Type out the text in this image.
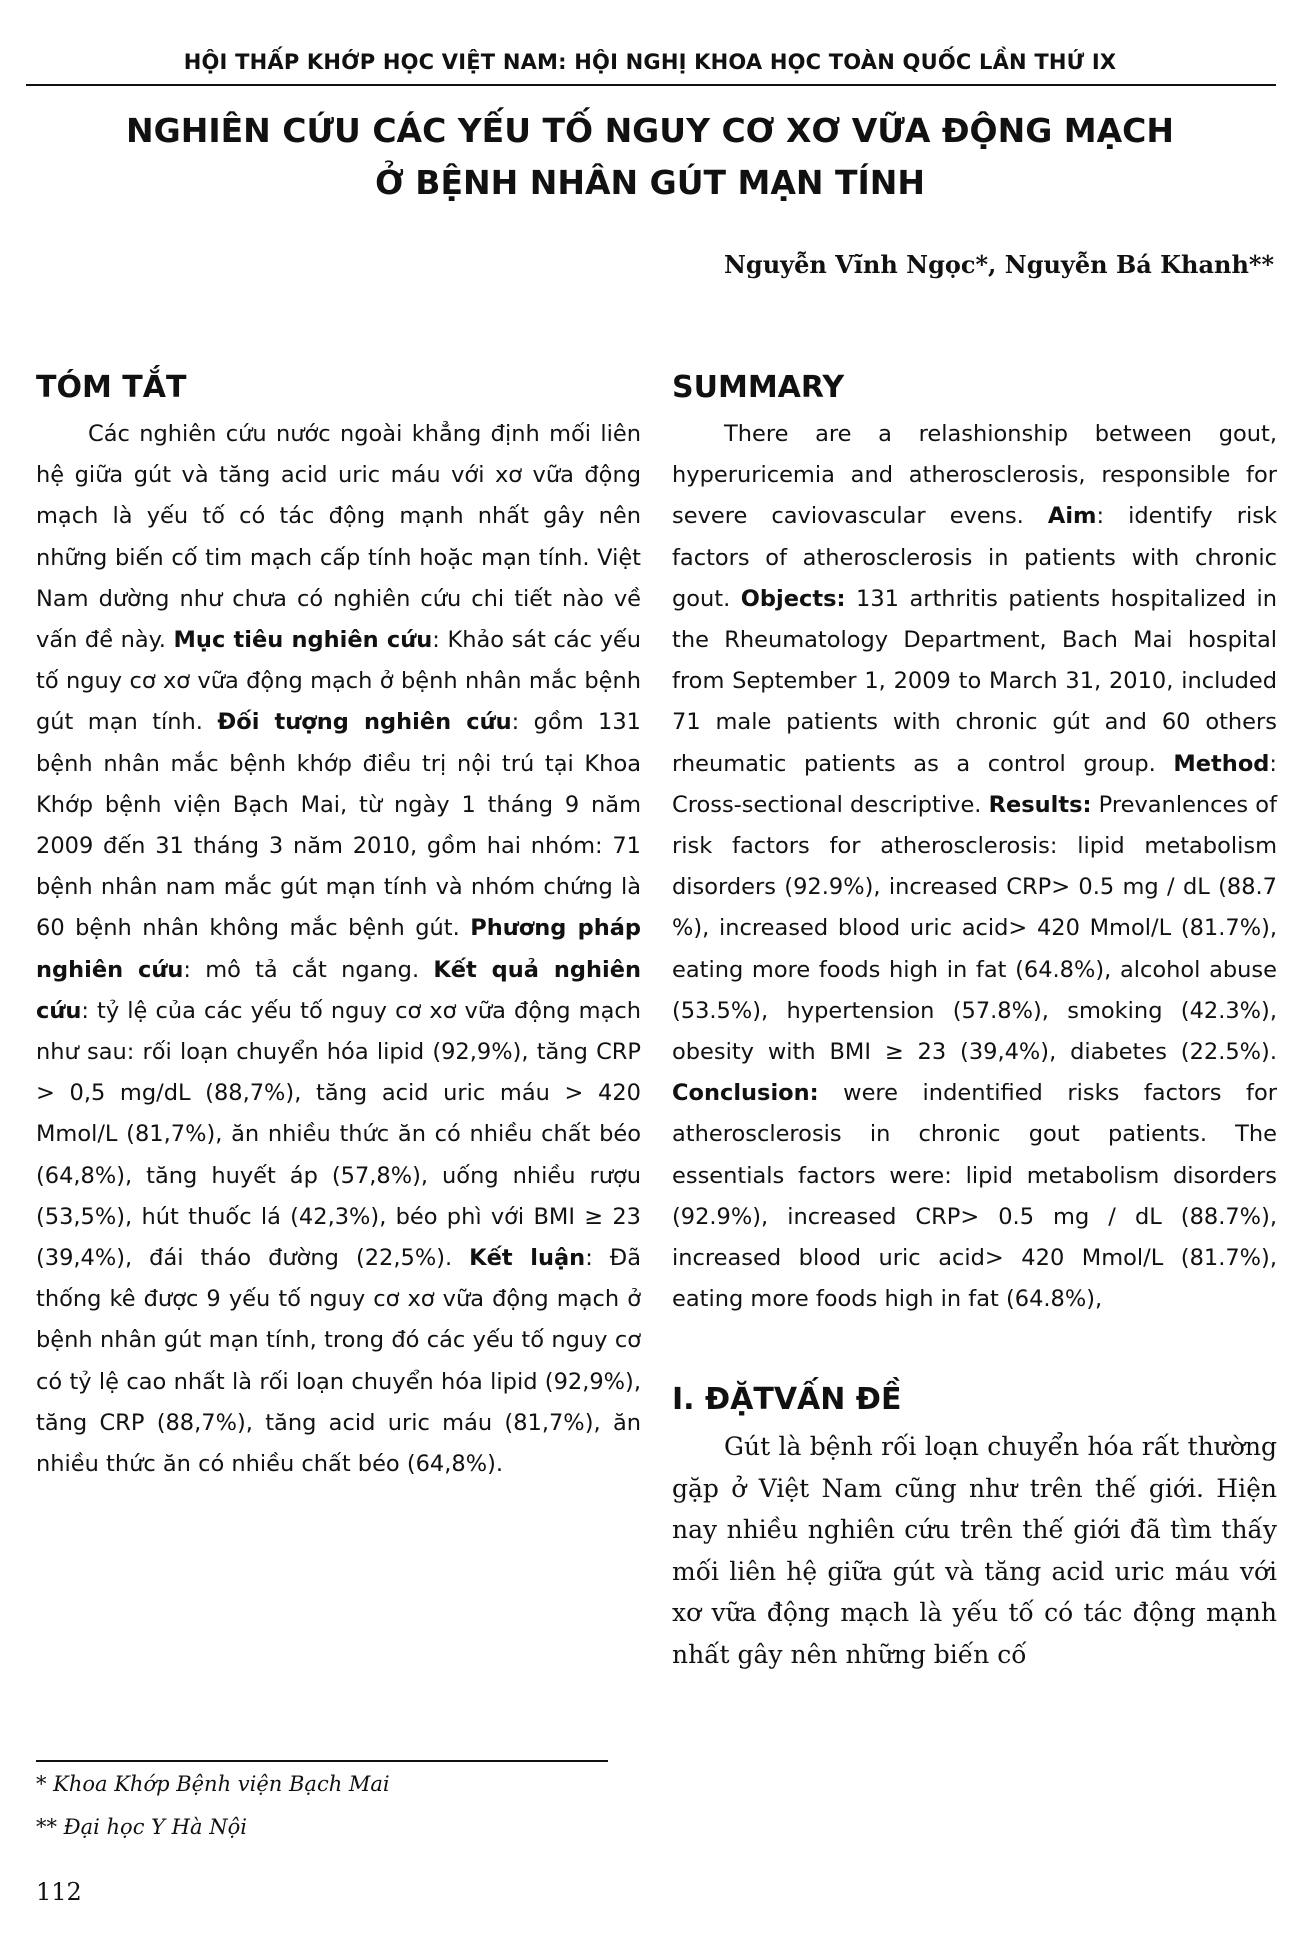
HỘI THẤP KHỚP HỌC VIỆT NAM: HỘI NGHỊ KHOA HỌC TOÀN QUỐC LẦN THỨ IX
NGHIÊN CỨU CÁC YẾU TỐ NGUY CƠ XƠ VỮA ĐỘNG MẠCH
Ở BỆNH NHÂN GÚT MẠN TÍNH
Nguyễn Vĩnh Ngọc*, Nguyễn Bá Khanh**
TÓM TẮT

Các nghiên cứu nước ngoài khẳng định mối liên hệ giữa gút và tăng acid uric máu với xơ vữa động mạch là yếu tố có tác động mạnh nhất gây nên những biến cố tim mạch cấp tính hoặc mạn tính. Việt Nam dường như chưa có nghiên cứu chi tiết nào về vấn đề này. Mục tiêu nghiên cứu: Khảo sát các yếu tố nguy cơ xơ vữa động mạch ở bệnh nhân mắc bệnh gút mạn tính. Đối tượng nghiên cứu: gồm 131 bệnh nhân mắc bệnh khớp điều trị nội trú tại Khoa Khớp bệnh viện Bạch Mai, từ ngày 1 tháng 9 năm 2009 đến 31 tháng 3 năm 2010, gồm hai nhóm: 71 bệnh nhân nam mắc gút mạn tính và nhóm chứng là 60 bệnh nhân không mắc bệnh gút. Phương pháp nghiên cứu: mô tả cắt ngang. Kết quả nghiên cứu: tỷ lệ của các yếu tố nguy cơ xơ vữa động mạch như sau: rối loạn chuyển hóa lipid (92,9%), tăng CRP > 0,5 mg/dL (88,7%), tăng acid uric máu > 420 Mmol/L (81,7%), ăn nhiều thức ăn có nhiều chất béo (64,8%), tăng huyết áp (57,8%), uống nhiều rượu (53,5%), hút thuốc lá (42,3%), béo phì với BMI ≥ 23 (39,4%), đái tháo đường (22,5%). Kết luận: Đã thống kê được 9 yếu tố nguy cơ xơ vữa động mạch ở bệnh nhân gút mạn tính, trong đó các yếu tố nguy cơ có tỷ lệ cao nhất là rối loạn chuyển hóa lipid (92,9%), tăng CRP (88,7%), tăng acid uric máu (81,7%), ăn nhiều thức ăn có nhiều chất béo (64,8%).

SUMMARY

There are a relashionship between gout, hyperuricemia and atherosclerosis, responsible for severe caviovascular evens. Aim: identify risk factors of atherosclerosis in patients with chronic gout. Objects: 131 arthritis patients hospitalized in the Rheumatology Department, Bach Mai hospital from September 1, 2009 to March 31, 2010, included 71 male patients with chronic gút and 60 others rheumatic patients as a control group. Method: Cross-sectional descriptive. Results: Prevanlences of risk factors for atherosclerosis: lipid metabolism disorders (92.9%), increased CRP> 0.5 mg / dL (88.7 %), increased blood uric acid> 420 Mmol/L (81.7%), eating more foods high in fat (64.8%), alcohol abuse (53.5%), hypertension (57.8%), smoking (42.3%), obesity with BMI ≥ 23 (39,4%), diabetes (22.5%). Conclusion: were indentified risks factors for atherosclerosis in chronic gout patients. The essentials factors were: lipid metabolism disorders (92.9%), increased CRP> 0.5 mg / dL (88.7%), increased blood uric acid> 420 Mmol/L (81.7%), eating more foods high in fat (64.8%),

I. ĐẶTVẤN ĐỀ

Gút là bệnh rối loạn chuyển hóa rất thường gặp ở Việt Nam cũng như trên thế giới. Hiện nay nhiều nghiên cứu trên thế giới đã tìm thấy mối liên hệ giữa gút và tăng acid uric máu với xơ vữa động mạch là yếu tố có tác động mạnh nhất gây nên những biến cố

* Khoa Khớp Bệnh viện Bạch Mai

** Đại học Y Hà Nội

112
